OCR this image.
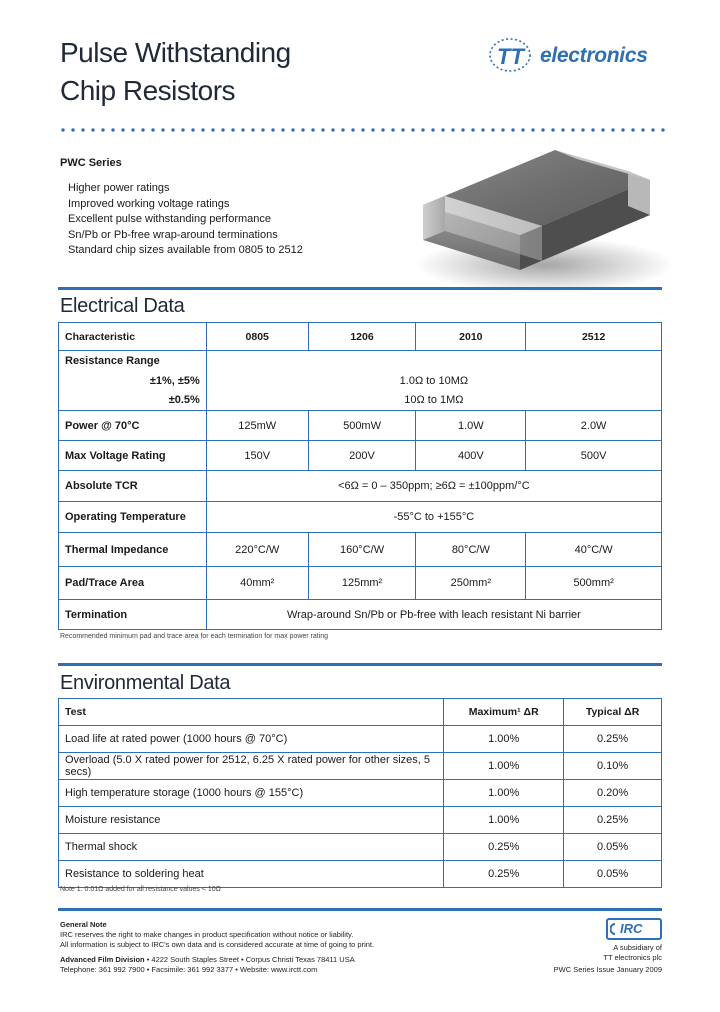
Pulse Withstanding
Chip Resistors
TT electronics
PWC Series
Higher power ratings
Improved working voltage ratings
Excellent pulse withstanding performance
Sn/Pb or Pb-free wrap-around terminations
Standard chip sizes available from 0805 to 2512
Electrical Data
Characteristic	0805	1206	2010	2512
Resistance Range				
±1%, ±5%	1.0Ω to 10MΩ			
±0.5%	10Ω to 1MΩ			
Power @ 70°C	125mW	500mW	1.0W	2.0W
Max Voltage Rating	150V	200V	400V	500V
Absolute TCR	<6Ω = 0 – 350ppm; ≥6Ω = ±100ppm/°C			
Operating Temperature	-55°C to +155°C			
Thermal Impedance	220°C/W	160°C/W	80°C/W	40°C/W
Pad/Trace Area	40mm²	125mm²	250mm²	500mm²
Termination	Wrap-around Sn/Pb or Pb-free with leach resistant Ni barrier			
Recommended minimum pad and trace area for each termination for max power rating
Environmental Data
Test	Maximum¹ ΔR	Typical ΔR
Load life at rated power (1000 hours @ 70°C)	1.00%	0.25%
Overload (5.0 X rated power for 2512, 6.25 X rated power for other sizes, 5 secs)	1.00%	0.10%
High temperature storage (1000 hours @ 155°C)	1.00%	0.20%
Moisture resistance	1.00%	0.25%
Thermal shock	0.25%	0.05%
Resistance to soldering heat	0.25%	0.05%
Note 1: 0.01Ω added for all resistance values < 10Ω
General Note
IRC reserves the right to make changes in product specification without notice or liability.
All information is subject to IRC's own data and is considered accurate at time of going to print.
Advanced Film Division • 4222 South Staples Street • Corpus Christi Texas 78411 USA
Telephone: 361 992 7900 • Facsimile: 361 992 3377 • Website: www.irctt.com
IRC
A subsidiary of
TT electronics plc
PWC Series Issue January 2009
